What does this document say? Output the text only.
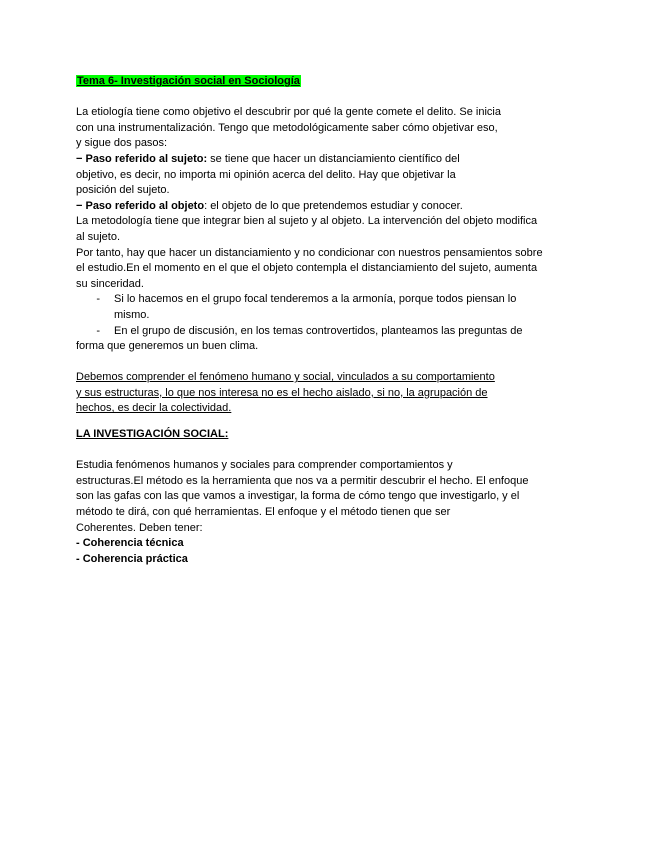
Tema 6- Investigación social en Sociología
La etiología tiene como objetivo el descubrir por qué la gente comete el delito. Se inicia
con una instrumentalización. Tengo que metodológicamente saber cómo objetivar eso,
y sigue dos pasos:
− Paso referido al sujeto: se tiene que hacer un distanciamiento científico del
objetivo, es decir, no importa mi opinión acerca del delito. Hay que objetivar la
posición del sujeto.
− Paso referido al objeto: el objeto de lo que pretendemos estudiar y conocer.
La metodología tiene que integrar bien al sujeto y al objeto. La intervención del objeto modifica
al sujeto.
Por tanto, hay que hacer un distanciamiento y no condicionar con nuestros pensamientos sobre
el estudio.En el momento en el que el objeto contempla el distanciamiento del sujeto, aumenta
su sinceridad.
-	Si lo hacemos en el grupo focal tenderemos a la armonía, porque todos piensan lo
mismo.
-	En el grupo de discusión, en los temas controvertidos, planteamos las preguntas de
forma que generemos un buen clima.
Debemos comprender el fenómeno humano y social, vinculados a su comportamiento
y sus estructuras, lo que nos interesa no es el hecho aislado, si no, la agrupación de
hechos, es decir la colectividad.
LA INVESTIGACIÓN SOCIAL:
Estudia fenómenos humanos y sociales para comprender comportamientos y
estructuras.El método es la herramienta que nos va a permitir descubrir el hecho. El enfoque
son las gafas con las que vamos a investigar, la forma de cómo tengo que investigarlo, y el
método te dirá, con qué herramientas. El enfoque y el método tienen que ser
Coherentes. Deben tener:
- Coherencia técnica
- Coherencia práctica
